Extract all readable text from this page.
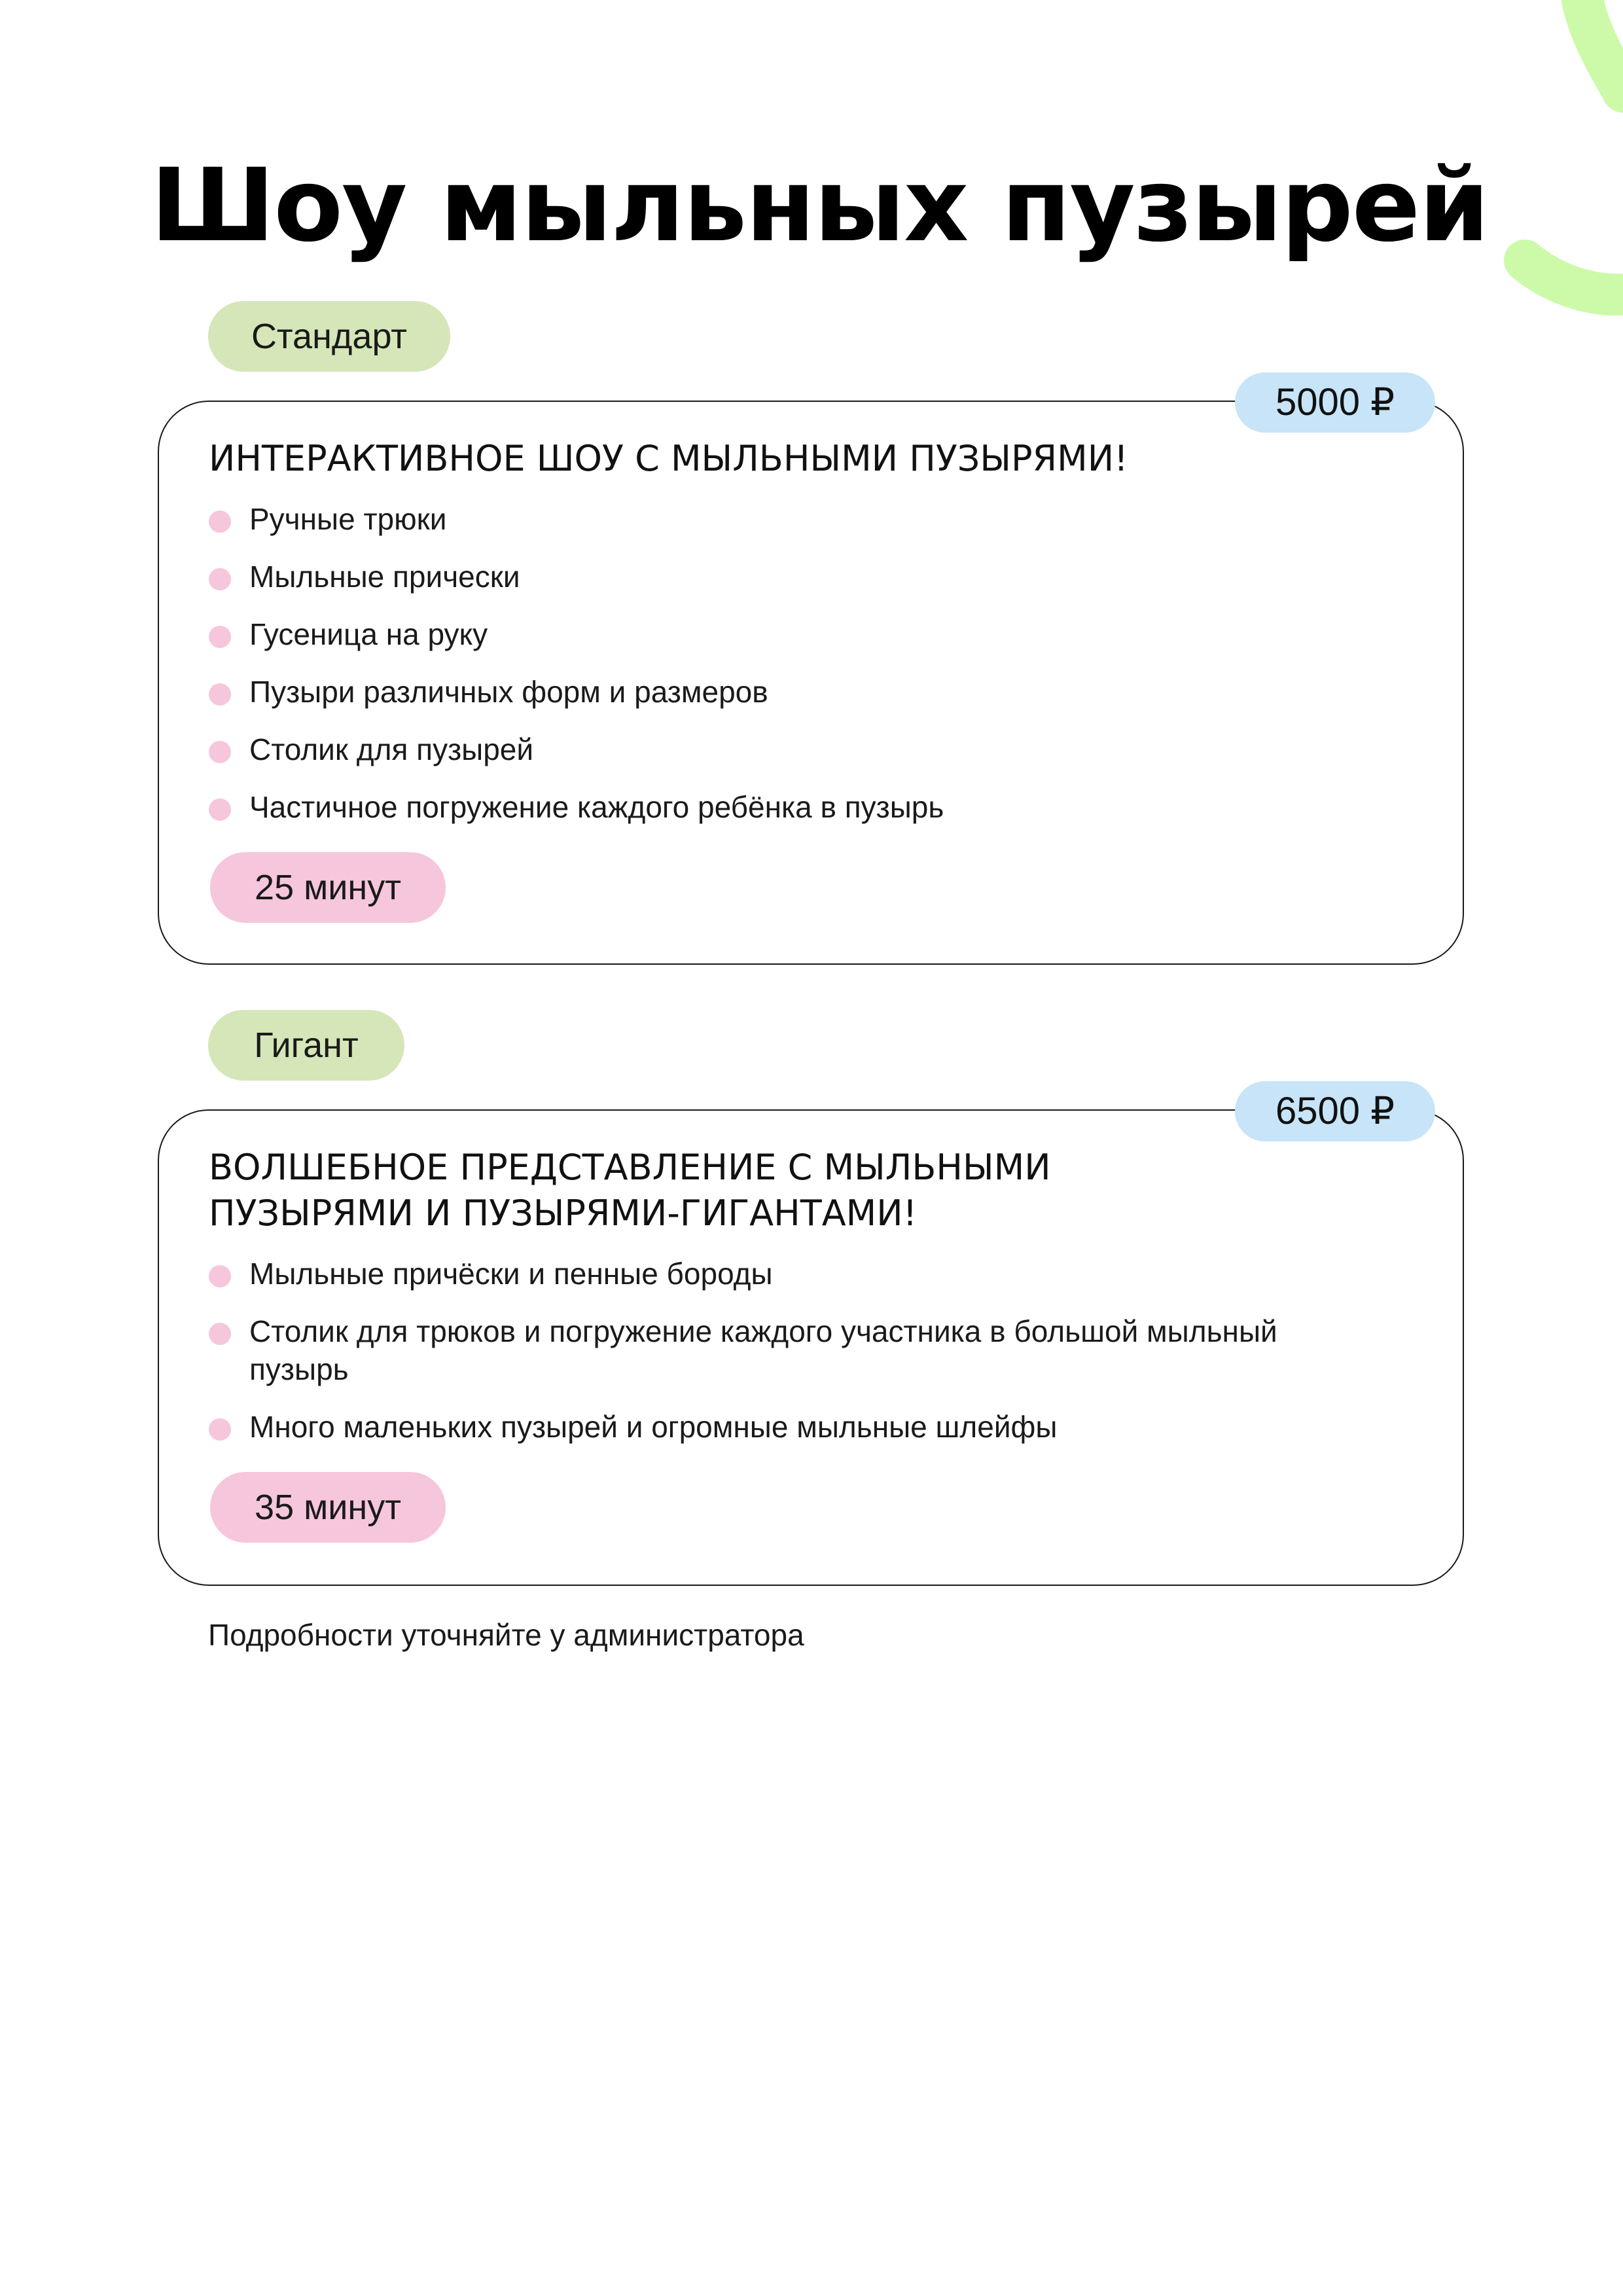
Шоу мыльных пузырей
Стандарт
5000 ₽
ИНТЕРАКТИВНОЕ ШОУ С МЫЛЬНЫМИ ПУЗЫРЯМИ!
Ручные трюки
Мыльные прически
Гусеница на руку
Пузыри различных форм и размеров
Столик для пузырей
Частичное погружение каждого ребёнка в пузырь
25 минут
Гигант
6500 ₽
ВОЛШЕБНОЕ ПРЕДСТАВЛЕНИЕ С МЫЛЬНЫМИ ПУЗЫРЯМИ И ПУЗЫРЯМИ-ГИГАНТАМИ!
Мыльные причёски и пенные бороды
Столик для трюков и погружение каждого участника в большой мыльный пузырь
Много маленьких пузырей и огромные мыльные шлейфы
35 минут
Подробности уточняйте у администратора
